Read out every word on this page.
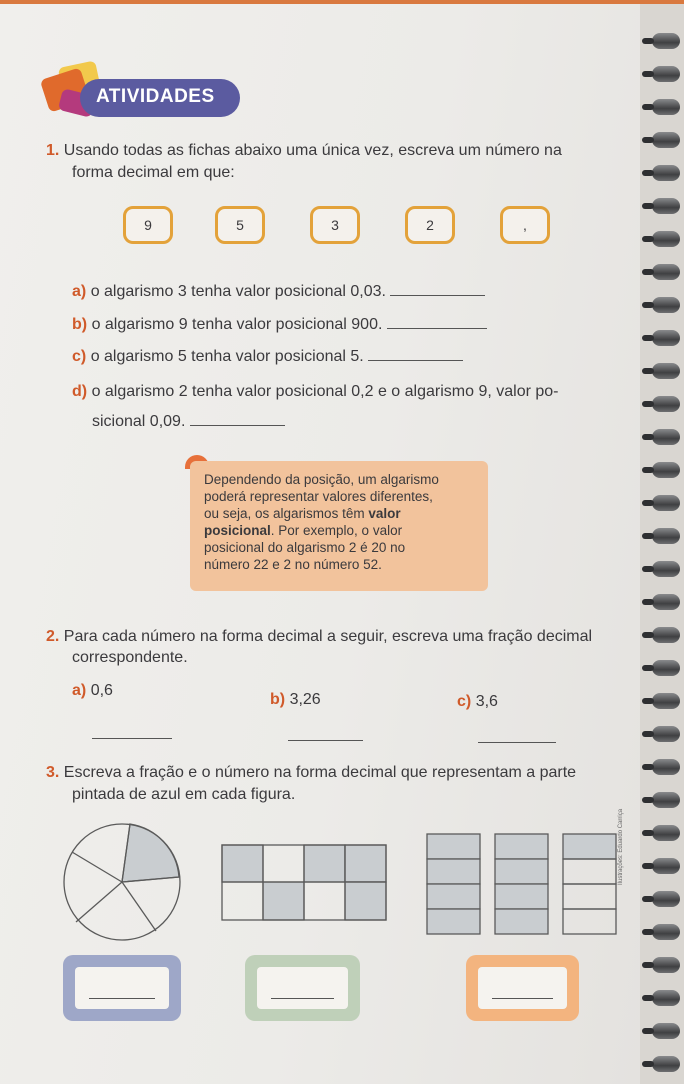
ATIVIDADES
1. Usando todas as fichas abaixo uma única vez, escreva um número na
forma decimal em que:
9	5	3	2	,
a) o algarismo 3 tenha valor posicional 0,03.
b) o algarismo 9 tenha valor posicional 900.
c) o algarismo 5 tenha valor posicional 5.
d) o algarismo 2 tenha valor posicional 0,2 e o algarismo 9, valor po-
sicional 0,09.
Dependendo da posição, um algarismo
poderá representar valores diferentes,
ou seja, os algarismos têm valor
posicional. Por exemplo, o valor
posicional do algarismo 2 é 20 no
número 22 e 2 no número 52.
2. Para cada número na forma decimal a seguir, escreva uma fração decimal
correspondente.
a) 0,6
b) 3,26	c) 3,6
3. Escreva a fração e o número na forma decimal que representam a parte
pintada de azul em cada figura.
Ilustrações: Eduardo Carriça
